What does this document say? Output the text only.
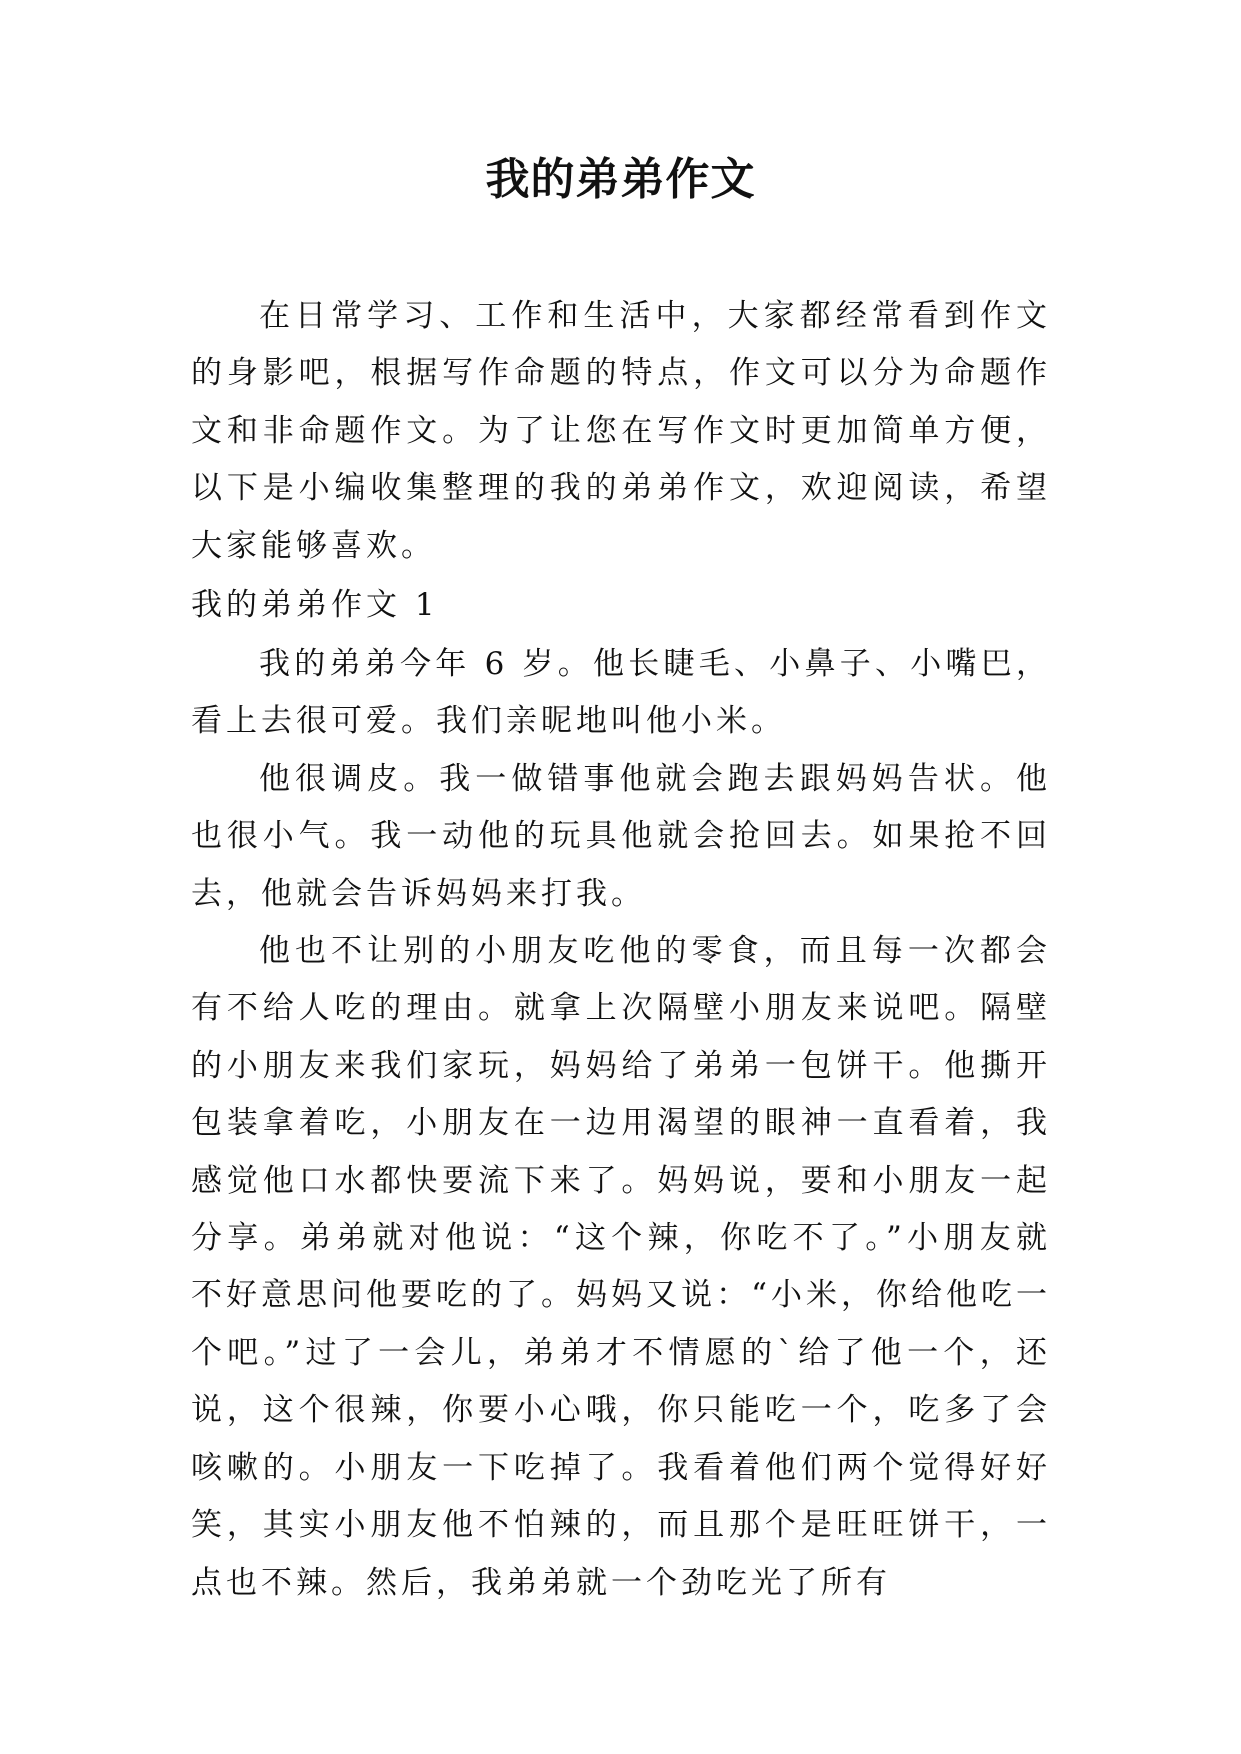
我的弟弟作文

在日常学习、工作和生活中，大家都经常看到作文的身影吧，根据写作命题的特点，作文可以分为命题作文和非命题作文。为了让您在写作文时更加简单方便，以下是小编收集整理的我的弟弟作文，欢迎阅读，希望大家能够喜欢。

我的弟弟作文 1

我的弟弟今年 6 岁。他长睫毛、小鼻子、小嘴巴，看上去很可爱。我们亲昵地叫他小米。

他很调皮。我一做错事他就会跑去跟妈妈告状。他也很小气。我一动他的玩具他就会抢回去。如果抢不回去，他就会告诉妈妈来打我。

他也不让别的小朋友吃他的零食，而且每一次都会有不给人吃的理由。就拿上次隔壁小朋友来说吧。隔壁的小朋友来我们家玩，妈妈给了弟弟一包饼干。他撕开包装拿着吃，小朋友在一边用渴望的眼神一直看着，我感觉他口水都快要流下来了。妈妈说，要和小朋友一起分享。弟弟就对他说：“这个辣，你吃不了。”小朋友就不好意思问他要吃的了。妈妈又说：“小米，你给他吃一个吧。”过了一会儿，弟弟才不情愿的`给了他一个，还说，这个很辣，你要小心哦，你只能吃一个，吃多了会咳嗽的。小朋友一下吃掉了。我看着他们两个觉得好好笑，其实小朋友他不怕辣的，而且那个是旺旺饼干，一点也不辣。然后，我弟弟就一个劲吃光了所有
